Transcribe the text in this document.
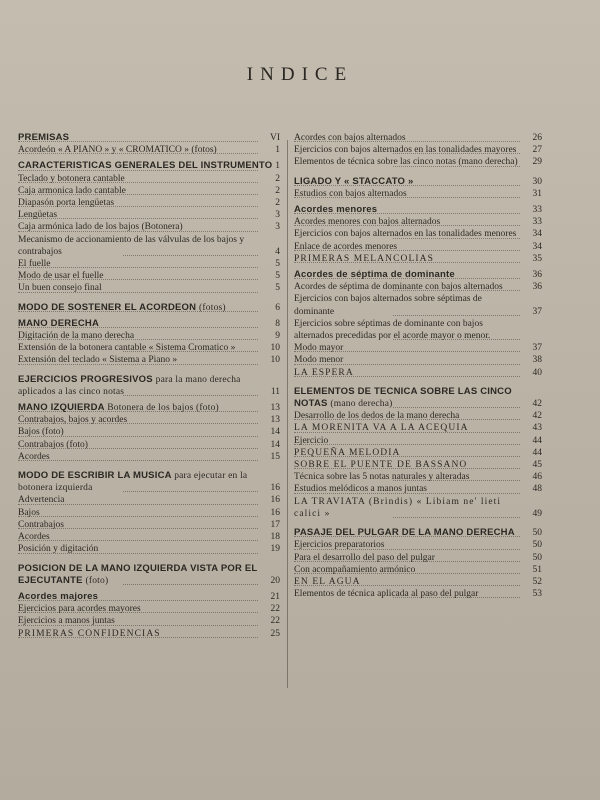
INDICE
PREMISAS	VI
Acordeón « A PIANO » y « CROMATICO » (fotos)	1
CARACTERISTICAS GENERALES DEL INSTRUMENTO 1
Teclado y botonera cantable	2
Caja armonica lado cantable	2
Diapasón porta lengüetas	2
Lengüetas	3
Caja armónica lado de los bajos (Botonera)	3
Mecanismo de accionamiento de las válvulas de los bajos y contrabajos	4
El fuelle	5
Modo de usar el fuelle	5
Un buen consejo final	5
MODO DE SOSTENER EL ACORDEON (fotos)	6
MANO DERECHA	8
Digitación de la mano derecha	9
Extensión de la botonera cantable « Sistema Cromatico »	10
Extensión del teclado « Sistema a Piano »	10
EJERCICIOS PROGRESIVOS para la mano derecha aplicados a las cinco notas	11
MANO IZQUIERDA Botonera de los bajos (foto)	13
Contrabajos, bajos y acordes	13
Bajos (foto)	14
Contrabajos (foto)	14
Acordes	15
MODO DE ESCRIBIR LA MUSICA para ejecutar en la botonera izquierda	16
Advertencia	16
Bajos	16
Contrabajos	17
Acordes	18
Posición y digitación	19
POSICION DE LA MANO IZQUIERDA VISTA POR EL EJECUTANTE (foto)	20
Acordes majores	21
Ejercicios para acordes mayores	22
Ejercicios a manos juntas	22
PRIMERAS CONFIDENCIAS	25
Acordes con bajos alternados	26
Ejercicios con bajos alternados en las tonalidades mayores	27
Elementos de técnica sobre las cinco notas (mano derecha)	29
LIGADO Y « STACCATO »	30
Estudios con bajos alternados	31
Acordes menores	33
Acordes menores con bajos alternados	33
Ejercicios con bajos alternados en las tonalidades menores	34
Enlace de acordes menores	34
PRIMERAS MELANCOLIAS	35
Acordes de séptima de dominante	36
Acordes de séptima de dominante con bajos alternados	36
Ejercicios con bajos alternados sobre séptimas de dominante	37
Ejercicios sobre séptimas de dominante con bajos alternados precedidas por el acorde mayor o menor.
Modo mayor	37
Modo menor	38
LA ESPERA	40
ELEMENTOS DE TECNICA SOBRE LAS CINCO NOTAS (mano derecha)	42
Desarrollo de los dedos de la mano derecha	42
LA MORENITA VA A LA ACEQUIA	43
Ejercicio	44
PEQUEÑA MELODIA	44
SOBRE EL PUENTE DE BASSANO	45
Técnica sobre las 5 notas naturales y alteradas	46
Estudios melódicos a manos juntas	48
LA TRAVIATA (Brindis) « Libiam ne' lieti calici »	49
PASAJE DEL PULGAR DE LA MANO DERECHA	50
Ejercicios preparatorios	50
Para el desarrollo del paso del pulgar	50
Con acompañamiento armónico	51
EN EL AGUA	52
Elementos de técnica aplicada al paso del pulgar	53
